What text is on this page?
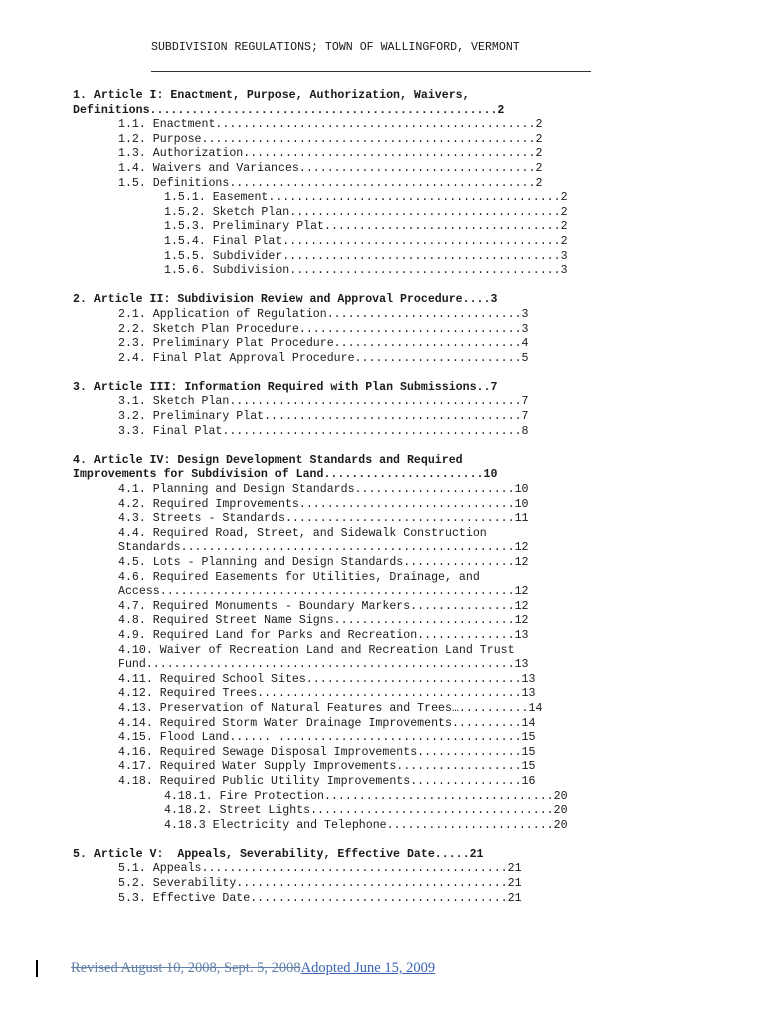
SUBDIVISION REGULATIONS; TOWN OF WALLINGFORD, VERMONT
1. Article I: Enactment, Purpose, Authorization, Waivers,
Definitions..................................................2
1.1. Enactment..............................................2
1.2. Purpose................................................2
1.3. Authorization..........................................2
1.4. Waivers and Variances..................................2
1.5. Definitions............................................2
1.5.1. Easement..........................................2
1.5.2. Sketch Plan.......................................2
1.5.3. Preliminary Plat..................................2
1.5.4. Final Plat........................................2
1.5.5. Subdivider........................................3
1.5.6. Subdivision.......................................3
2. Article II: Subdivision Review and Approval Procedure....3
2.1. Application of Regulation............................3
2.2. Sketch Plan Procedure................................3
2.3. Preliminary Plat Procedure...........................4
2.4. Final Plat Approval Procedure........................5
3. Article III: Information Required with Plan Submissions..7
3.1. Sketch Plan..........................................7
3.2. Preliminary Plat.....................................7
3.3. Final Plat...........................................8
4. Article IV: Design Development Standards and Required
Improvements for Subdivision of Land.......................10
4.1. Planning and Design Standards.......................10
4.2. Required Improvements...............................10
4.3. Streets - Standards.................................11
4.4. Required Road, Street, and Sidewalk Construction
Standards................................................12
4.5. Lots - Planning and Design Standards................12
4.6. Required Easements for Utilities, Drainage, and
Access...................................................12
4.7. Required Monuments - Boundary Markers...............12
4.8. Required Street Name Signs..........................12
4.9. Required Land for Parks and Recreation..............13
4.10. Waiver of Recreation Land and Recreation Land Trust
Fund.....................................................13
4.11. Required School Sites...............................13
4.12. Required Trees......................................13
4.13. Preservation of Natural Features and Trees…..........14
4.14. Required Storm Water Drainage Improvements..........14
4.15. Flood Land...... ...................................15
4.16. Required Sewage Disposal Improvements...............15
4.17. Required Water Supply Improvements..................15
4.18. Required Public Utility Improvements................16
4.18.1. Fire Protection.................................20
4.18.2. Street Lights...................................20
4.18.3 Electricity and Telephone........................20
5. Article V:  Appeals, Severability, Effective Date.....21
5.1. Appeals............................................21
5.2. Severability.......................................21
5.3. Effective Date.....................................21
Revised August 10, 2008, Sept. 5, 2008Adopted June 15, 2009
